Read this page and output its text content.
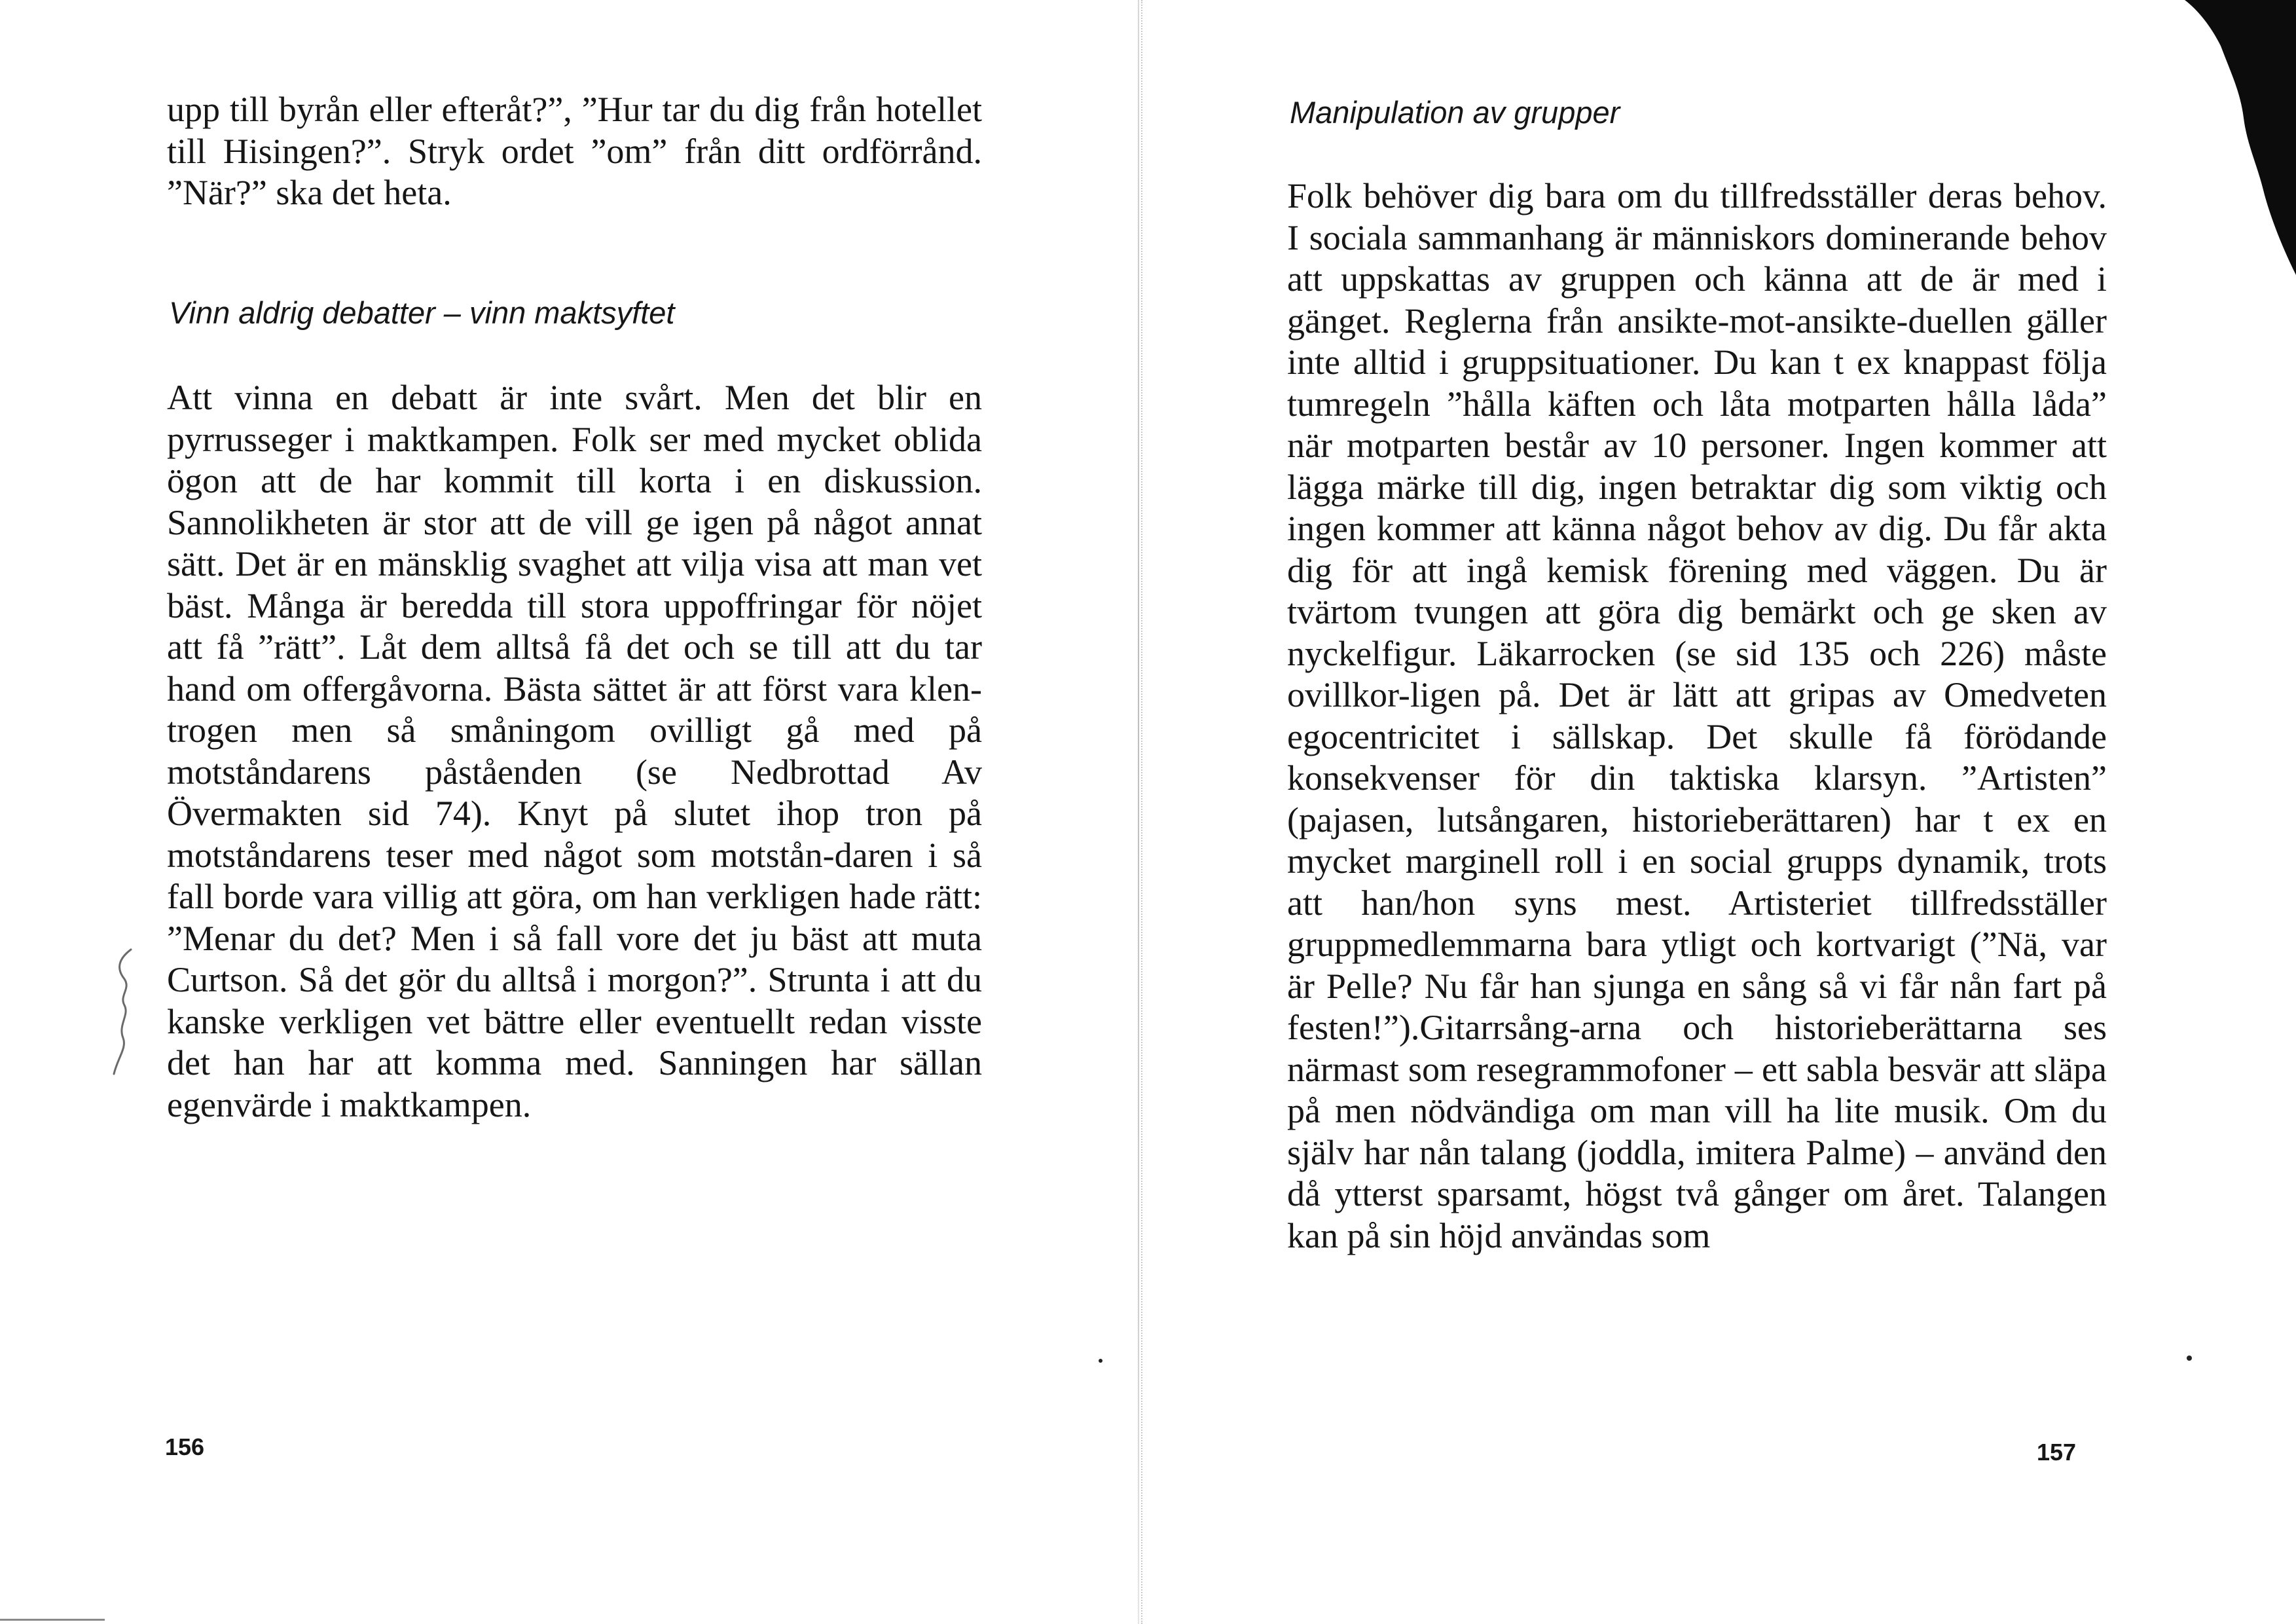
upp till byrån eller efteråt?”, ”Hur tar du dig från hotellet till Hisingen?”. Stryk ordet ”om” från ditt ordförrånd. ”När?” ska det heta.

Vinn aldrig debatter – vinn maktsyftet

Att vinna en debatt är inte svårt. Men det blir en pyrrusseger i maktkampen. Folk ser med mycket oblida ögon att de har kommit till korta i en diskussion. Sannolikheten är stor att de vill ge igen på något annat sätt. Det är en mänsklig svaghet att vilja visa att man vet bäst. Många är beredda till stora uppoffringar för nöjet att få ”rätt”. Låt dem alltså få det och se till att du tar hand om offergåvorna. Bästa sättet är att först vara klen-trogen men så småningom ovilligt gå med på motståndarens påståenden (se Nedbrottad Av Övermakten sid 74). Knyt på slutet ihop tron på motståndarens teser med något som motstån-daren i så fall borde vara villig att göra, om han verkligen hade rätt: ”Menar du det? Men i så fall vore det ju bäst att muta Curtson. Så det gör du alltså i morgon?”. Strunta i att du kanske verkligen vet bättre eller eventuellt redan visste det han har att komma med. Sanningen har sällan egenvärde i maktkampen.

156
Manipulation av grupper

Folk behöver dig bara om du tillfredsställer deras behov. I sociala sammanhang är människors dominerande behov att uppskattas av gruppen och känna att de är med i gänget. Reglerna från ansikte-mot-ansikte-duellen gäller inte alltid i gruppsituationer. Du kan t ex knappast följa tumregeln ”hålla käften och låta motparten hålla låda” när motparten består av 10 personer. Ingen kommer att lägga märke till dig, ingen betraktar dig som viktig och ingen kommer att känna något behov av dig. Du får akta dig för att ingå kemisk förening med väggen. Du är tvärtom tvungen att göra dig bemärkt och ge sken av nyckelfigur. Läkarrocken (se sid 135 och 226) måste ovillkor-ligen på. Det är lätt att gripas av Omedveten egocentricitet i sällskap. Det skulle få förödande konsekvenser för din taktiska klarsyn. ”Artisten” (pajasen, lutsångaren, historieberättaren) har t ex en mycket marginell roll i en social grupps dynamik, trots att han/hon syns mest. Artisteriet tillfredsställer gruppmedlemmarna bara ytligt och kortvarigt (”Nä, var är Pelle? Nu får han sjunga en sång så vi får nån fart på festen!”).Gitarrsång-arna och historieberättarna ses närmast som resegrammofoner – ett sabla besvär att släpa på men nödvändiga om man vill ha lite musik. Om du själv har nån talang (joddla, imitera Palme) – använd den då ytterst sparsamt, högst två gånger om året. Talangen kan på sin höjd användas som

157
